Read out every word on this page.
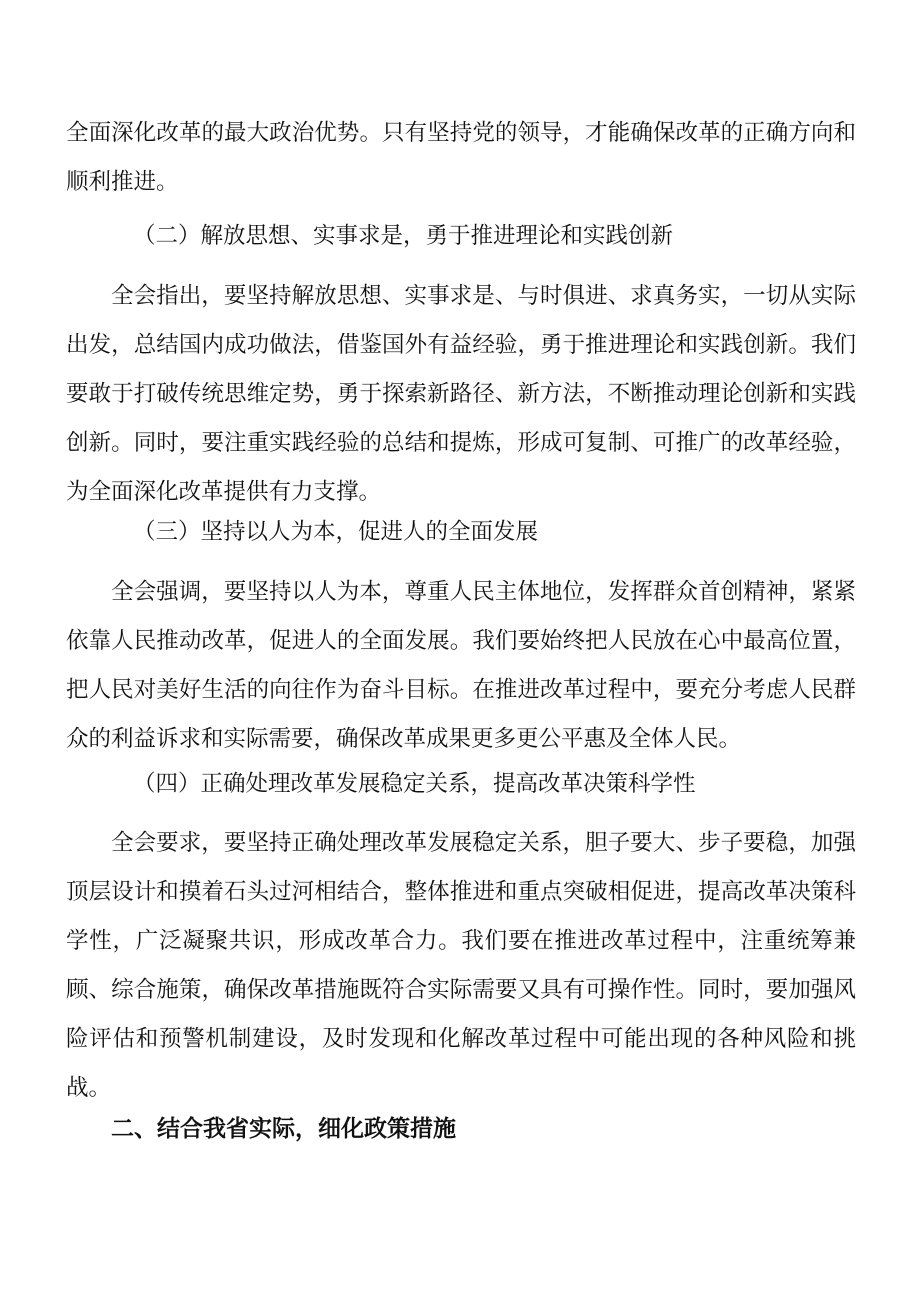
全面深化改革的最大政治优势。只有坚持党的领导，才能确保改革的正确方向和顺利推进。

（二）解放思想、实事求是，勇于推进理论和实践创新

全会指出，要坚持解放思想、实事求是、与时俱进、求真务实，一切从实际出发，总结国内成功做法，借鉴国外有益经验，勇于推进理论和实践创新。我们要敢于打破传统思维定势，勇于探索新路径、新方法，不断推动理论创新和实践创新。同时，要注重实践经验的总结和提炼，形成可复制、可推广的改革经验，为全面深化改革提供有力支撑。

（三）坚持以人为本，促进人的全面发展

全会强调，要坚持以人为本，尊重人民主体地位，发挥群众首创精神，紧紧依靠人民推动改革，促进人的全面发展。我们要始终把人民放在心中最高位置，把人民对美好生活的向往作为奋斗目标。在推进改革过程中，要充分考虑人民群众的利益诉求和实际需要，确保改革成果更多更公平惠及全体人民。

（四）正确处理改革发展稳定关系，提高改革决策科学性

全会要求，要坚持正确处理改革发展稳定关系，胆子要大、步子要稳，加强顶层设计和摸着石头过河相结合，整体推进和重点突破相促进，提高改革决策科学性，广泛凝聚共识，形成改革合力。我们要在推进改革过程中，注重统筹兼顾、综合施策，确保改革措施既符合实际需要又具有可操作性。同时，要加强风险评估和预警机制建设，及时发现和化解改革过程中可能出现的各种风险和挑战。

二、结合我省实际，细化政策措施
